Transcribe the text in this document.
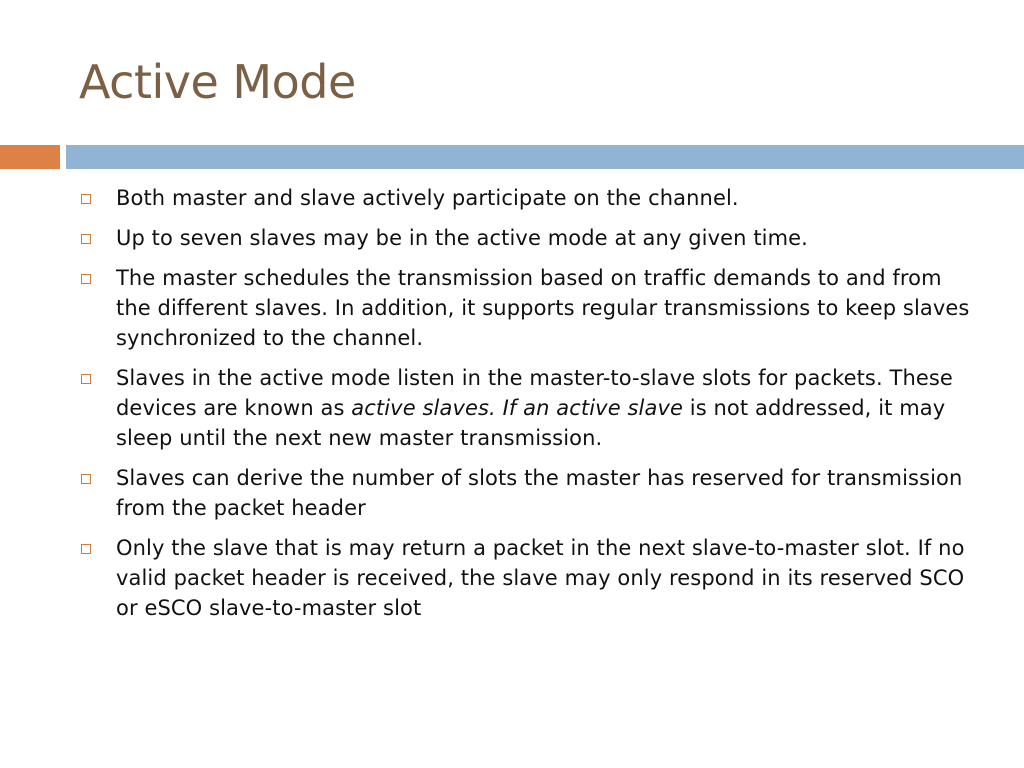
Active Mode
Both master and slave actively participate on the channel.
Up to seven slaves may be in the active mode at any given time.
The master schedules the transmission based on traffic demands to and from the different slaves. In addition, it supports regular transmissions to keep slaves synchronized to the channel.
Slaves in the active mode listen in the master-to-slave slots for packets. These devices are known as active slaves. If an active slave is not addressed, it may sleep until the next new master transmission.
Slaves can derive the number of slots the master has reserved for transmission from the packet header
Only the slave that is may return a packet in the next slave-to-master slot. If no valid packet header is received, the slave may only respond in its reserved SCO or eSCO slave-to-master slot
